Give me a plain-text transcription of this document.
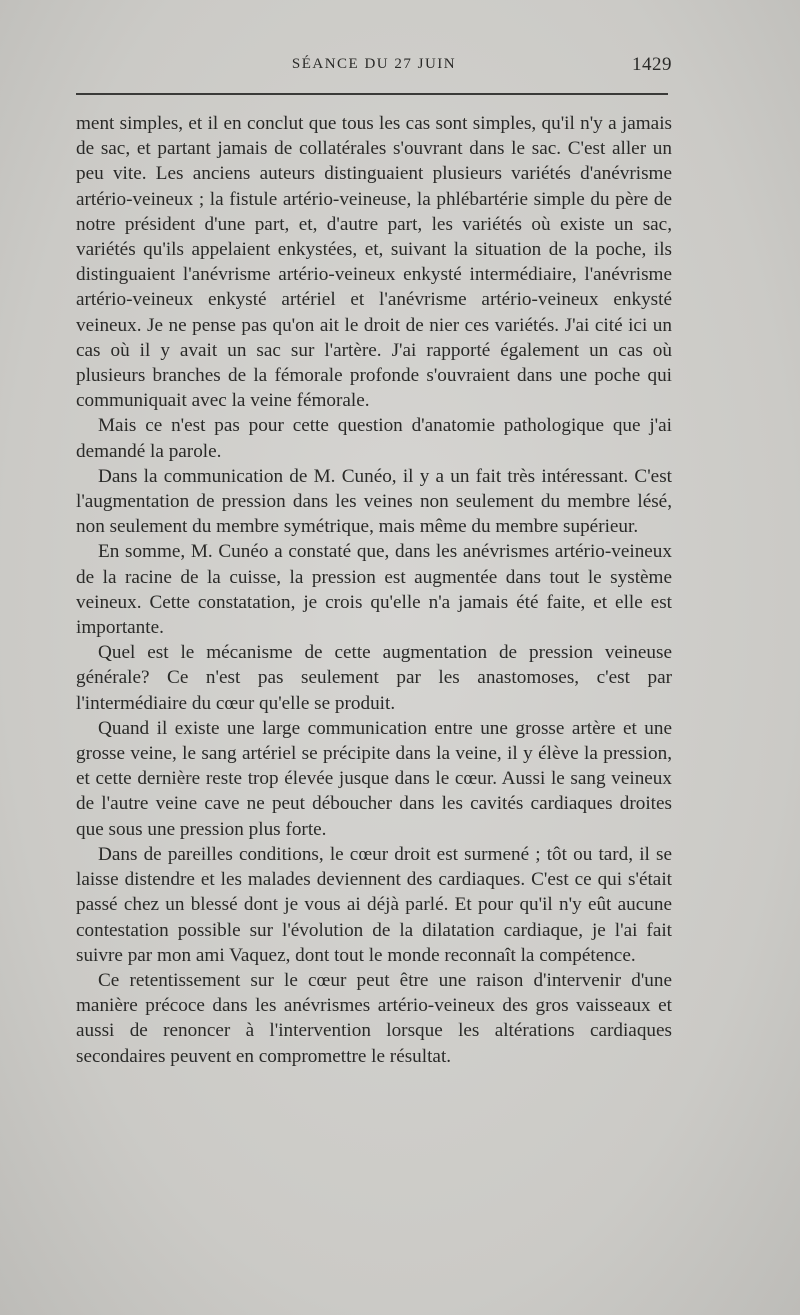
SÉANCE DU 27 JUIN	1429

ment simples, et il en conclut que tous les cas sont simples, qu'il n'y a jamais de sac, et partant jamais de collatérales s'ouvrant dans le sac. C'est aller un peu vite. Les anciens auteurs distinguaient plusieurs variétés d'anévrisme artério-veineux ; la fistule artério-veineuse, la phlébartérie simple du père de notre président d'une part, et, d'autre part, les variétés où existe un sac, variétés qu'ils appelaient enkystées, et, suivant la situation de la poche, ils distinguaient l'anévrisme artério-veineux enkysté intermédiaire, l'anévrisme artério-veineux enkysté artériel et l'anévrisme artério-veineux enkysté veineux. Je ne pense pas qu'on ait le droit de nier ces variétés. J'ai cité ici un cas où il y avait un sac sur l'artère. J'ai rapporté également un cas où plusieurs branches de la fémorale profonde s'ouvraient dans une poche qui communiquait avec la veine fémorale.

Mais ce n'est pas pour cette question d'anatomie pathologique que j'ai demandé la parole.

Dans la communication de M. Cunéo, il y a un fait très intéressant. C'est l'augmentation de pression dans les veines non seulement du membre lésé, non seulement du membre symétrique, mais même du membre supérieur.

En somme, M. Cunéo a constaté que, dans les anévrismes artério-veineux de la racine de la cuisse, la pression est augmentée dans tout le système veineux. Cette constatation, je crois qu'elle n'a jamais été faite, et elle est importante.

Quel est le mécanisme de cette augmentation de pression veineuse générale? Ce n'est pas seulement par les anastomoses, c'est par l'intermédiaire du cœur qu'elle se produit.

Quand il existe une large communication entre une grosse artère et une grosse veine, le sang artériel se précipite dans la veine, il y élève la pression, et cette dernière reste trop élevée jusque dans le cœur. Aussi le sang veineux de l'autre veine cave ne peut déboucher dans les cavités cardiaques droites que sous une pression plus forte.

Dans de pareilles conditions, le cœur droit est surmené ; tôt ou tard, il se laisse distendre et les malades deviennent des cardiaques. C'est ce qui s'était passé chez un blessé dont je vous ai déjà parlé. Et pour qu'il n'y eût aucune contestation possible sur l'évolution de la dilatation cardiaque, je l'ai fait suivre par mon ami Vaquez, dont tout le monde reconnaît la compétence.

Ce retentissement sur le cœur peut être une raison d'intervenir d'une manière précoce dans les anévrismes artério-veineux des gros vaisseaux et aussi de renoncer à l'intervention lorsque les altérations cardiaques secondaires peuvent en compromettre le résultat.
